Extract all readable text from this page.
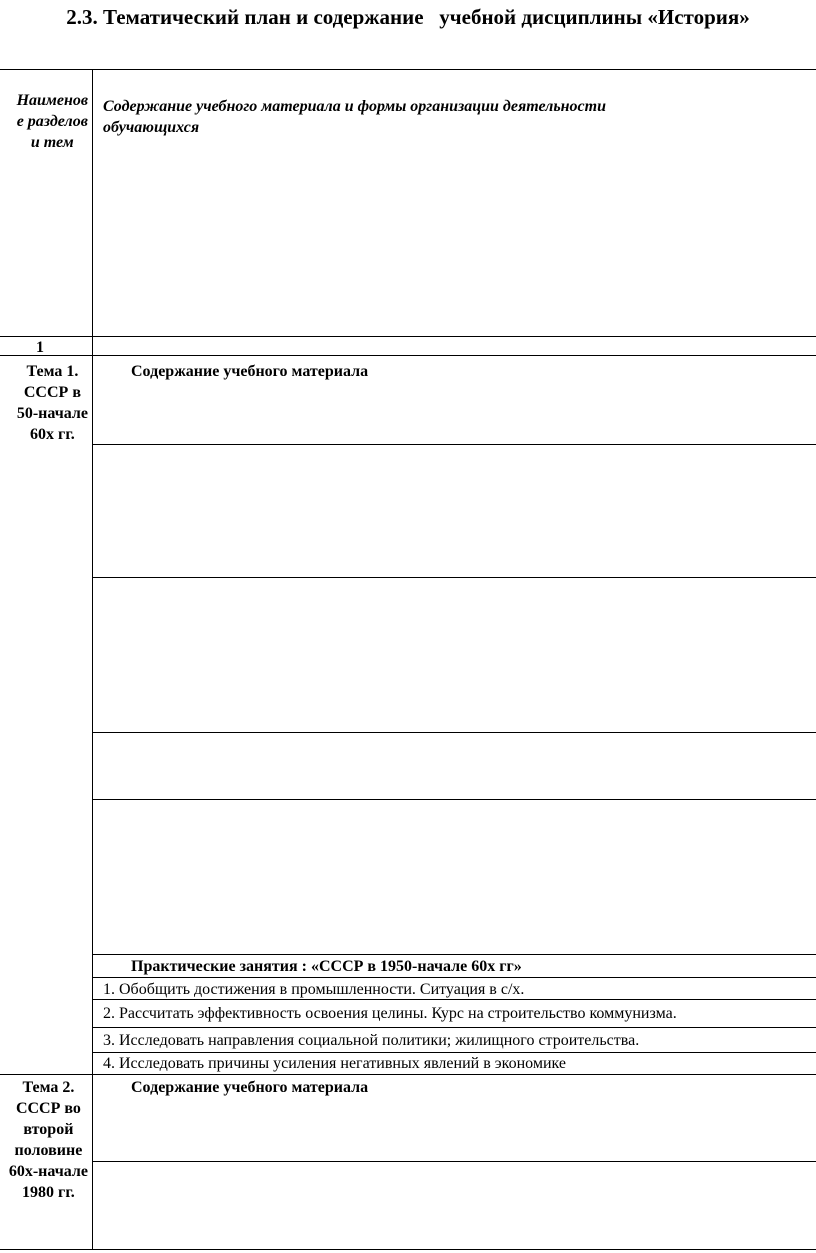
2.3. Тематический план и содержание   учебной дисциплины «История»
Наименов
е разделов
и тем
Содержание учебного материала и формы организации деятельности
обучающихся
1
Тема 1.
СССР в
50-начале
60х гг.
Содержание учебного материала
Практические занятия : «СССР в 1950-начале 60х гг»
1. Обобщить достижения в промышленности. Ситуация в с/х.
2. Рассчитать эффективность освоения целины. Курс на строительство коммунизма.
3. Исследовать направления социальной политики; жилищного строительства.
4. Исследовать причины усиления негативных явлений в экономике
Тема 2.
СССР во
второй
половине
60х-начале
1980 гг.
Содержание учебного материала
